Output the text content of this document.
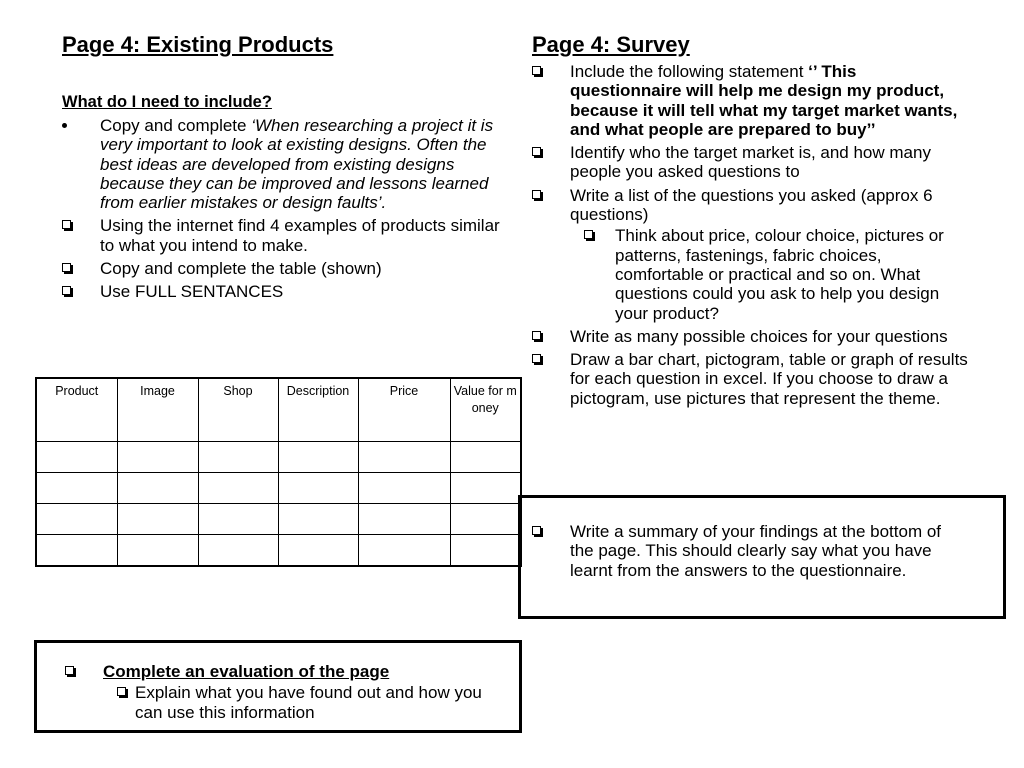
Page 4: Existing Products
What do I need to include?
Copy and complete ‘When researching a project it is very important to look at existing designs. Often the best ideas are developed from existing designs because they can be improved and lessons learned from earlier mistakes or design faults’.
Using the internet find 4 examples of products similar to what you intend to make.
Copy and complete the table (shown)
Use FULL SENTANCES
Product	Image	Shop	Description	Price	Value for money

Complete an evaluation of the page
Explain what you have found out and how you can use this information
Page 4: Survey
Include the following statement ‘’ This questionnaire will help me design my product, because it will tell what my target market wants, and what people are prepared to buy’’
Identify who the target market is, and how many people you asked questions to
Write a list of the questions you asked (approx 6 questions)
Think about price, colour choice, pictures or patterns, fastenings, fabric choices, comfortable or practical and so on. What questions could you ask to help you design your product?
Write as many possible choices for your questions
Draw a bar chart, pictogram, table or graph of results for each question in excel. If you choose to draw a pictogram, use pictures that represent the theme.
Write a summary of your findings at the bottom of the page. This should clearly say what you have learnt from the answers to the questionnaire.
